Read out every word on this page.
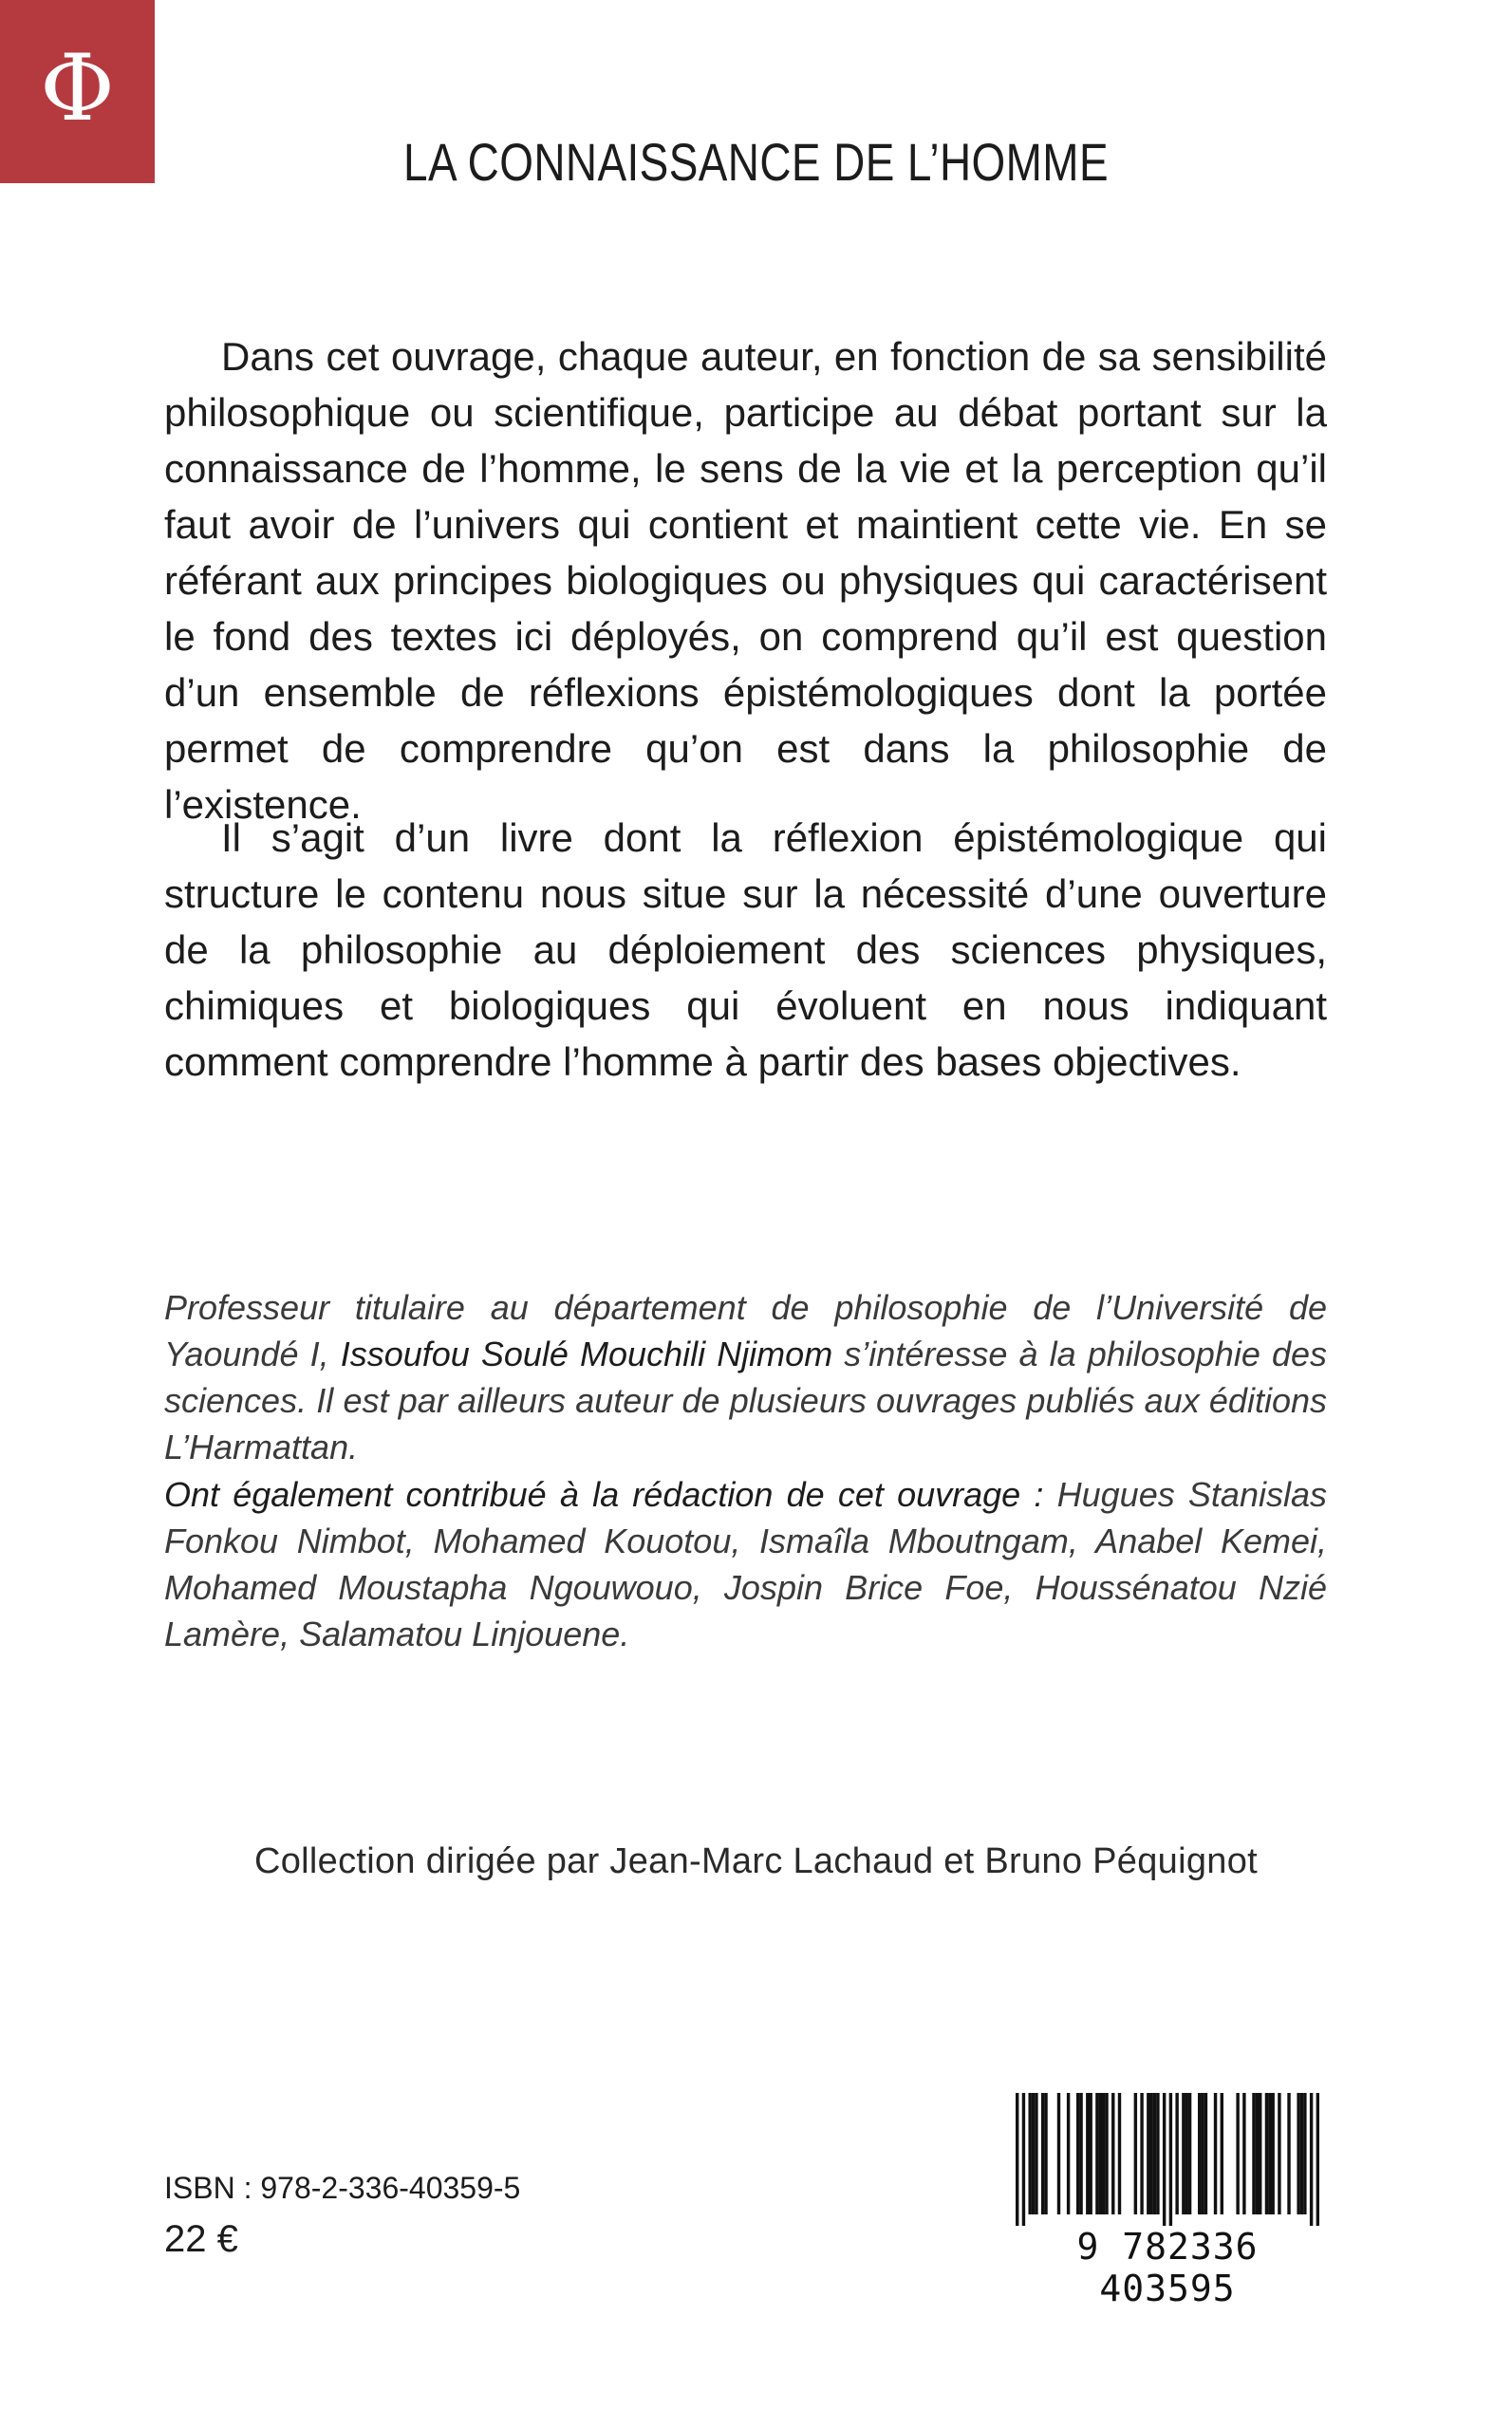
Φ
LA CONNAISSANCE DE L’HOMME

Dans cet ouvrage, chaque auteur, en fonction de sa sensibilité philosophique ou scientifique, participe au débat portant sur la connaissance de l’homme, le sens de la vie et la perception qu’il faut avoir de l’univers qui contient et maintient cette vie. En se référant aux principes biologiques ou physiques qui caractérisent le fond des textes ici déployés, on comprend qu’il est question d’un ensemble de réflexions épistémologiques dont la portée permet de comprendre qu’on est dans la philosophie de l’existence.

Il s’agit d’un livre dont la réflexion épistémologique qui structure le contenu nous situe sur la nécessité d’une ouverture de la philosophie au déploiement des sciences physiques, chimiques et biologiques qui évoluent en nous indiquant comment comprendre l’homme à partir des bases objectives.

Professeur titulaire au département de philosophie de l’Université de Yaoundé I, Issoufou Soulé Mouchili Njimom s’intéresse à la philosophie des sciences. Il est par ailleurs auteur de plusieurs ouvrages publiés aux éditions L’Harmattan.
Ont également contribué à la rédaction de cet ouvrage : Hugues Stanislas Fonkou Nimbot, Mohamed Kouotou, Ismaîla Mboutngam, Anabel Kemei, Mohamed Moustapha Ngouwouo, Jospin Brice Foe, Houssénatou Nzié Lamère, Salamatou Linjouene.
Collection dirigée par Jean-Marc Lachaud et Bruno Péquignot
ISBN : 978-2-336-40359-5
22 €	9 782336 403595
